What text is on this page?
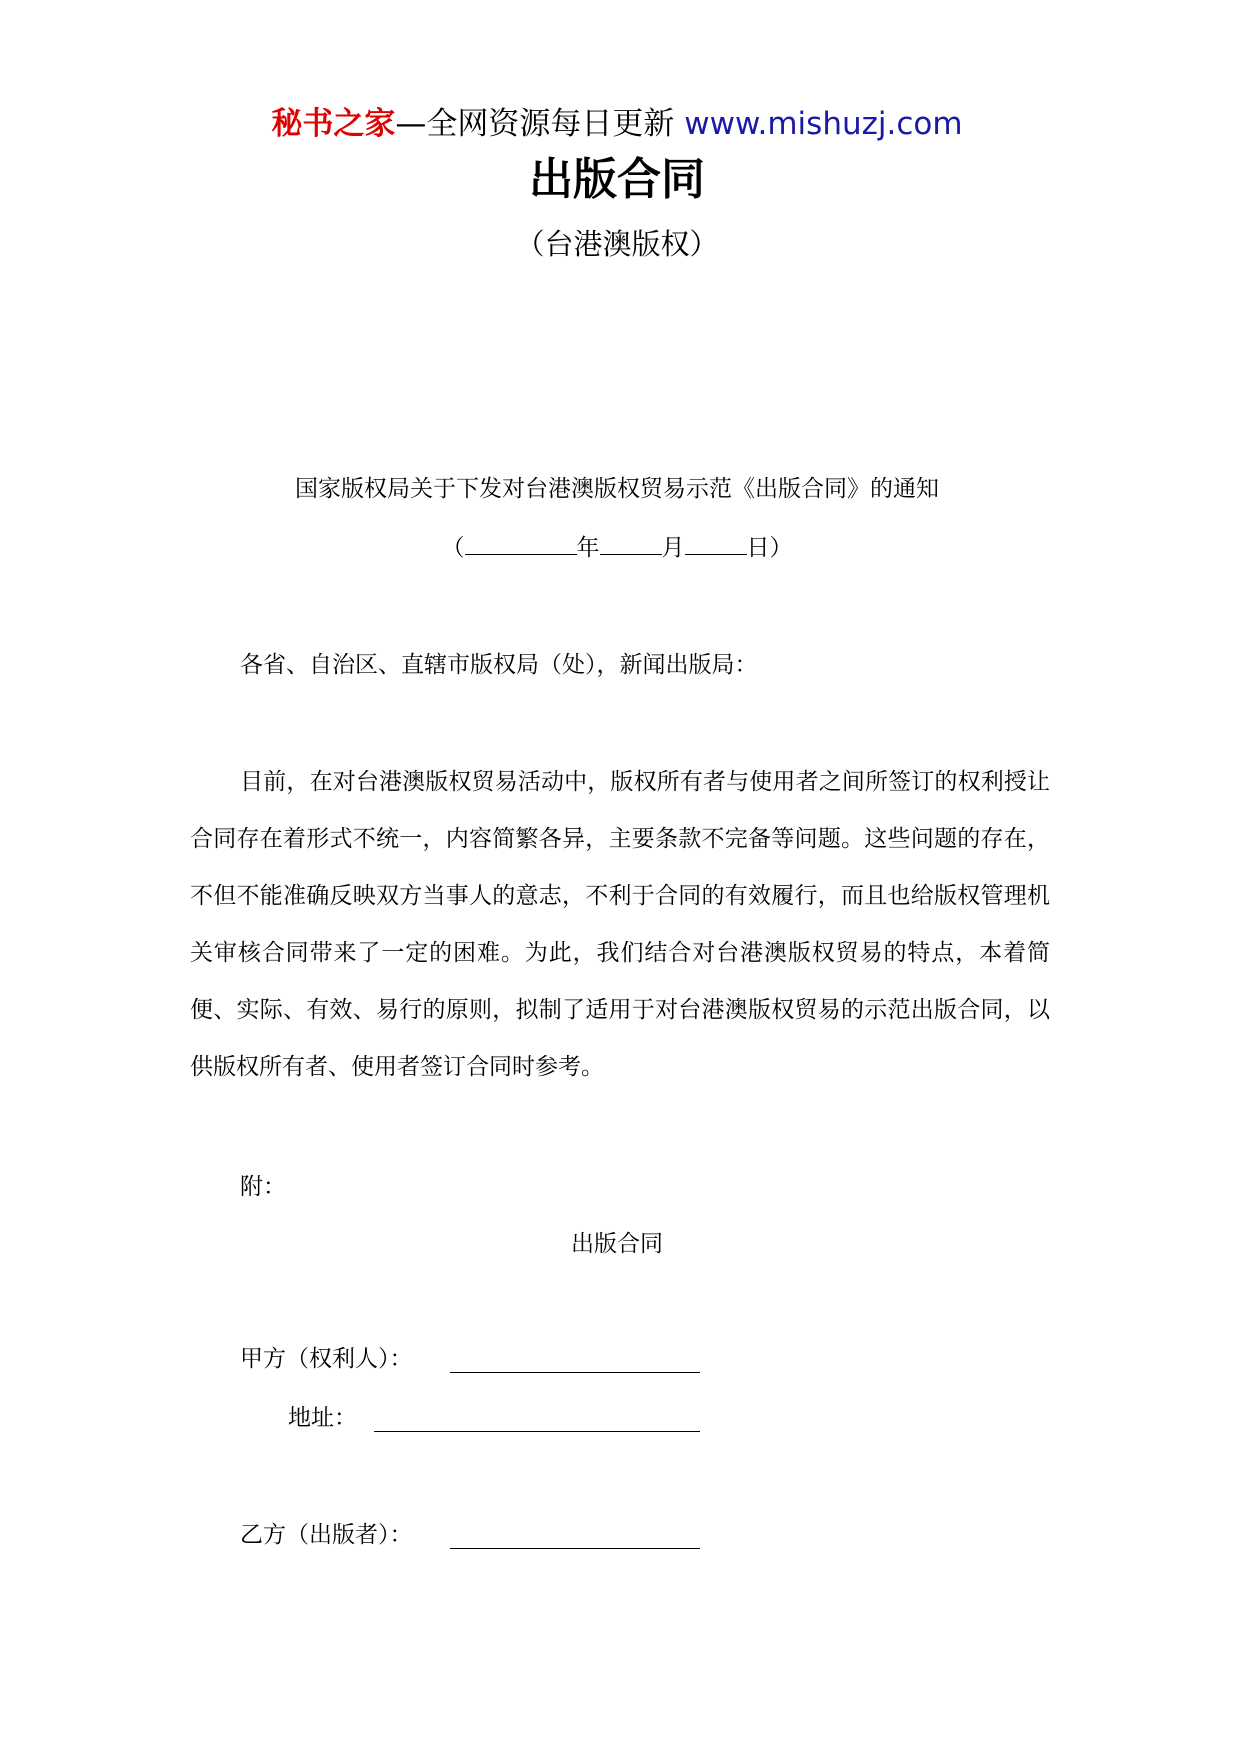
秘书之家—全网资源每日更新 www.mishuzj.com
出版合同
（台港澳版权）
国家版权局关于下发对台港澳版权贸易示范《出版合同》的通知
（	年	月	日）
各省、自治区、直辖市版权局（处），新闻出版局：
目前，在对台港澳版权贸易活动中，版权所有者与使用者之间所签订的权利授让合同存在着形式不统一，内容简繁各异，主要条款不完备等问题。这些问题的存在，不但不能准确反映双方当事人的意志，不利于合同的有效履行，而且也给版权管理机关审核合同带来了一定的困难。为此，我们结合对台港澳版权贸易的特点，本着简便、实际、有效、易行的原则，拟制了适用于对台港澳版权贸易的示范出版合同，以供版权所有者、使用者签订合同时参考。
附：
出版合同
甲方（权利人）：
地址：
乙方（出版者）：
